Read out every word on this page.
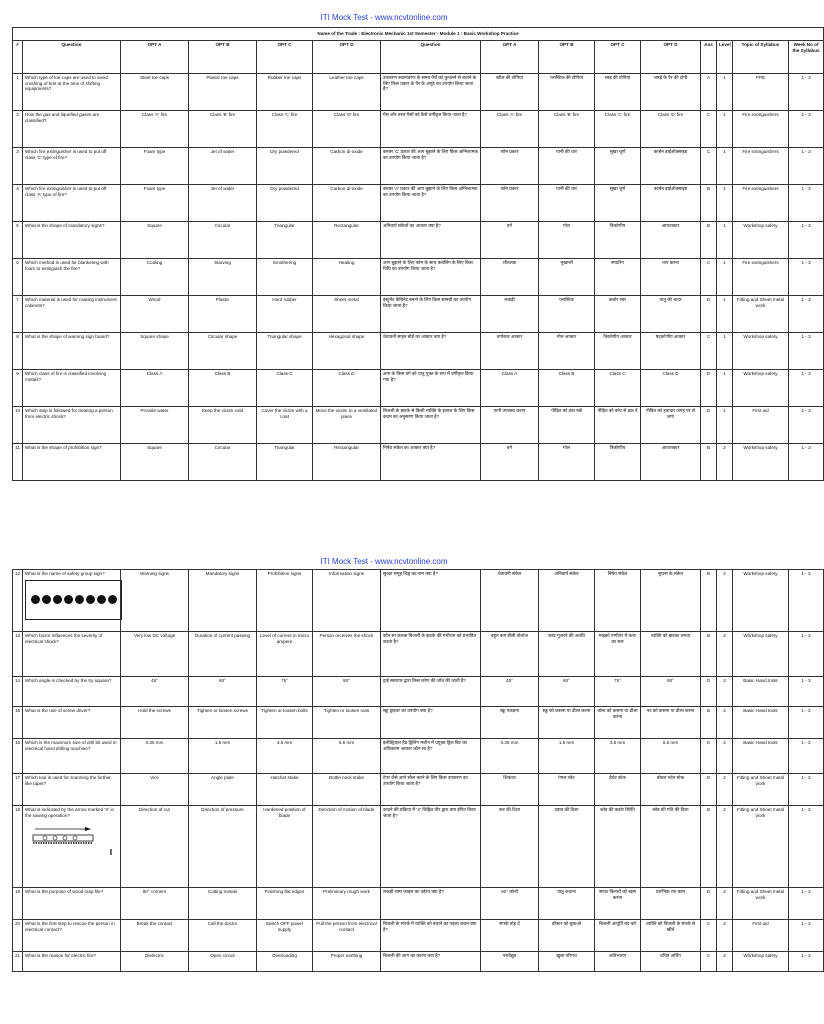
ITI Mock Test - www.ncvtonline.com
Name of the Trade : Electronic Mechanic 1st Semester - Module 1 : Basic Workshop Practice														
#	Question	OPT A	OPT B	OPT C	OPT D	Question	OPT A	OPT B	OPT C	OPT D	Ans	Level	Topic of Syllabus	Week No of the Syllabus
1	Which type of toe caps are used to avoid crushing of feet at the time of shifting equipments?	Steel toe caps	Plastic toe caps	Rubber toe caps	Leather toe caps	उपकरण स्थानांतरण के समय पैरों को कुचलने से बचाने के लिए किस प्रकार के पैर के अंगूठे का उपयोग किया जाता है?	स्टील की टोपियां	प्लास्टिक की टोपियां	रबड़ की टोपियां	चमड़े के पैर की टोपी	A	1	PPE	1 - 3
2	How the gas and liquefied gases are classified?	Class 'A' fire	Class 'B' fire	Class 'C' fire	Class 'D' fire	गैस और तरल गैसों को कैसे वर्गीकृत किया जाता है?	Class 'A' fire	Class 'B' fire	Class 'C' fire	Class 'D' fire	C	1	Fire extinguishers	1 - 3
3	Which fire extinguisher is used to put off class 'C' type of fire?	Foam type	Jet of water	Dry powdered	Carbon di-oxide	क्लास 'C' प्रकार की आग बुझाने के लिए किस अग्निशामक का उपयोग किया जाता है?	फोम प्रकार	पानी की धार	सूखा चूर्ण	कार्बन डाईऑक्साइड	C	1	Fire extinguishers	1 - 3
4	Which fire extinguisher is used to put off class 'A' type of fire?	Foam type	Jet of water	Dry powdered	Carbon di-oxide	क्लास 'A' प्रकार की आग बुझाने के लिए किस अग्निशामक का उपयोग किया जाता है?	फोम प्रकार	पानी की धार	सूखा चूर्ण	कार्बन डाईऑक्साइड	B	1	Fire extinguishers	1 - 3
5	What is the shape of mandatory signs?	Square	Circular	Triangular	Rectangular	अनिवार्य संकेतों का आकार क्या है?	वर्ग	गोल	त्रिकोणीय	आयताकार	B	1	Workshop safety	1 - 3
6	Which method is used for blanketing with foam to extinguish the fire?	Cooling	Starving	Smothering	Heating	आग बुझाने के लिए फोम के साथ कंबलिंग के लिए किस विधि का उपयोग किया जाता है?	शीतलक	भुखमरी	स्मदरिंग	ताप करना	C	1	Fire extinguishers	1 - 3
7	Which material is used for making instrument cabinets?	Wood	Plastic	Hard rubber	Sheet metal	इंस्ट्रूमेंट कैबिनेट बनाने के लिए किस सामग्री का उपयोग किया जाता है?	लकड़ी	प्लास्टिक	कठोर रबर	धातु की चादर	D	1	Fitting and Sheet metal work	1 - 3
8	What is the shape of warning sign board?	Square shape	Circular shape	Triangular shape	Hexagonal shape	चेतावनी साइन बोर्ड का आकार क्या है?	वर्गाकार आकार	गोल आकार	त्रिकोणीय आकार	षट्कोणीय आकार	C	1	Workshop safety	1 - 3
9	Which class of fire is classified involving metals?	Class A	Class B	Class C	Class D	आग के किस वर्ग को धातु युक्त के रूप में वर्गीकृत किया गया है?	Class A	Class B	Class C	Class D	D	1	Workshop safety	1 - 3
10	Which step is followed for treating a person from electric shock?	Provide water	Keep the victim cold	Cover the victim with a coat	Move the victim to a ventilated place	बिजली के झटके से किसी व्यक्ति के इलाज के लिए किस कदम का अनुसरण किया जाता है?	पानी उपलब्ध कराएं	पीड़ित को ठंडा रखें	पीड़ित को कोट से ढक दें	पीड़ित को हवादार जगह पर ले जाएं	D	1	First aid	1 - 3
11	What is the shape of prohibition sign?	Square	Circular	Triangular	Rectangular	निषेध संकेत का आकार क्या है?	वर्ग	गोल	त्रिकोणीय	आयताकार	B	2	Workshop safety	1 - 3
ITI Mock Test - www.ncvtonline.com
12	What is the name of safety group sign?	Warning signs	Mandatory signs	Prohibition signs	Information signs	सुरक्षा समूह चिह्न का नाम क्या है?	चेतावनी संकेत	अनिवार्य संकेत	निषेध संकेत	सूचना के संकेत	B	2	Workshop safety	1 - 3
13	Which factor influences the severity of electrical shock?	Very low DC voltage	Duration of current passing	Level of current in micro ampere	Person receives the shock	कौन सा कारक बिजली के झटके की गंभीरता को प्रभावित करता है?	बहुत कम डीसी वोल्टेज	करंट गुजरने की अवधि	माइक्रो एम्पीयर में करंट का स्तर	व्यक्ति को झटका लगता	B	2	Workshop safety	1 - 3
14	Which angle is checked by the try square?	45°	60°	75°	90°	ट्राई स्क्वायर द्वारा किस कोण की जाँच की जाती है?	45°	60°	75°	90°	D	2	Basic Hand tools	1 - 3
15	What is the use of screw driver?	Hold the screws	Tighten or loosen screws	Tighten or loosen bolts	Tighten or loosen nuts	स्क्रू ड्राइवर का उपयोग क्या है?	स्क्रू पकड़ना	स्क्रू को कसना या ढीला करना	बोल्ट को कसना या ढीला करना	नट को कसना या ढीला करना	B	2	Basic Hand tools	1 - 3
16	Which is the maximum size of drill bit used in electrical hand drilling machine?	0.35 mm	1.5 mm	3.5 mm	6.5 mm	इलेक्ट्रिकल हैंड ड्रिलिंग मशीन में प्रयुक्त ड्रिल बिट का अधिकतम आकार कौन सा है?	0.35 mm	1.5 mm	3.5 mm	6.5 mm	D	2	Basic Hand tools	1 - 3
17	Which tool is used for scanning the further like taper?	Vice	Angle plate	Hatchet stake	Bottle neck stake	टेपर जैसे आगे स्कैन करने के लिए किस उपकरण का उपयोग किया जाता है?	शिकंजा	एंगल प्लेट	हैचेट स्टेक	बोतल गर्दन स्टेक	D	2	Fitting and Sheet metal work	1 - 3
18	What is indicated by the arrow marked 'X' in the sawing operation?	Direction of cut	Direction of pressure	Hardened position of blade	Direction of motion of blade	काटने की प्रक्रिया में 'X' चिह्नित तीर द्वारा क्या इंगित किया जाता है?	कट की दिशा	दबाव की दिशा	ब्लेड की कठोर स्थिति	ब्लेड की गति की दिशा	B	2	Fitting and Sheet metal work	1 - 3
19	What is the purpose of wood rasp file?	90° corners	Cutting metals	Finishing flat edges	Preliminary rough work	लकड़ी रास्प फ़ाइल का उद्देश्य क्या है?	90° कोनों	धातु काटना	सपाट किनारों को खत्म करना	प्रारंभिक रफ काम	D	2	Fitting and Sheet metal work	1 - 3
20	What is the first step to rescue the person in electrical contact?	Break the contact	Call the doctor	Switch OFF power supply	Pull the person from electrical contact	बिजली के संपर्क में व्यक्ति को बचाने का पहला कदम क्या है?	संपर्क तोड़ दें	डॉक्टर को बुलाओ	बिजली आपूर्ति बंद करें	व्यक्ति को बिजली के संपर्क से खींचें	C	2	First aid	1 - 3
21	What is the reason for electric fire?	Dielectric	Open circuit	Overloading	Proper earthing	बिजली की आग का कारण क्या है?	परावैद्युत	खुला परिपथ	अतिभारण	उचित अर्थिंग	C	2	Workshop safety	1 - 3
